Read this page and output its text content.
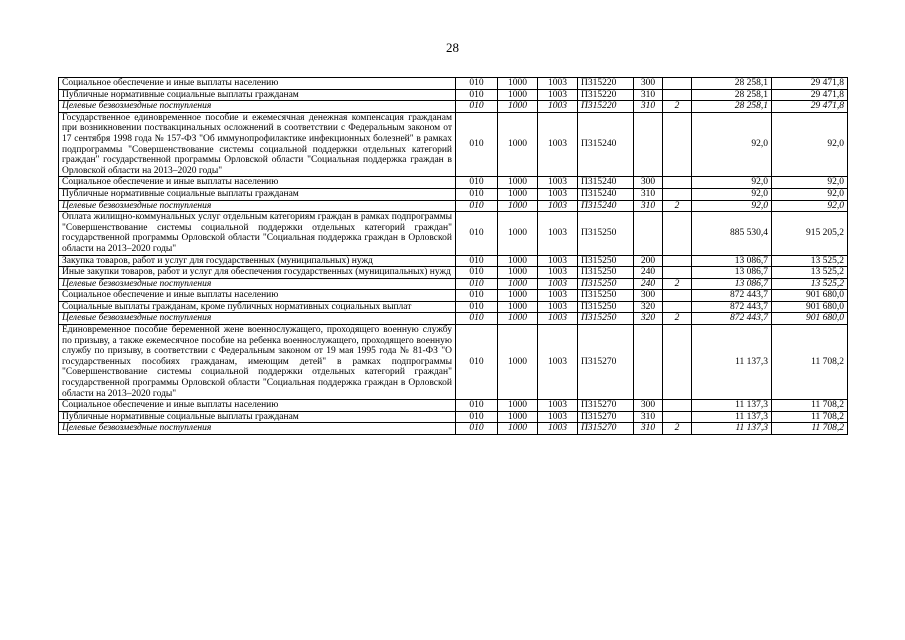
28
Социальное обеспечение и иные выплаты населению	010	1000	1003	П315220	300		28 258,1	29 471,8
Публичные нормативные социальные выплаты гражданам	010	1000	1003	П315220	310		28 258,1	29 471,8
Целевые безвозмездные поступления	010	1000	1003	П315220	310	2	28 258,1	29 471,8
Государственное единовременное пособие и ежемесячная денежная компенсация гражданам при возникновении поствакцинальных осложнений в соответствии с Федеральным законом от 17 сентября 1998 года № 157-ФЗ "Об иммунопрофилактике инфекционных болезней" в рамках подпрограммы "Совершенствование системы социальной поддержки отдельных категорий граждан" государственной программы Орловской области "Социальная поддержка граждан в Орловской области на 2013–2020 годы"	010	1000	1003	П315240			92,0	92,0
Социальное обеспечение и иные выплаты населению	010	1000	1003	П315240	300		92,0	92,0
Публичные нормативные социальные выплаты гражданам	010	1000	1003	П315240	310		92,0	92,0
Целевые безвозмездные поступления	010	1000	1003	П315240	310	2	92,0	92,0
Оплата жилищно-коммунальных услуг отдельным категориям граждан в рамках подпрограммы "Совершенствование системы социальной поддержки отдельных категорий граждан" государственной программы Орловской области "Социальная поддержка граждан в Орловской области на 2013–2020 годы"	010	1000	1003	П315250			885 530,4	915 205,2
Закупка товаров, работ и услуг для государственных (муниципальных) нужд	010	1000	1003	П315250	200		13 086,7	13 525,2
Иные закупки товаров, работ и услуг для обеспечения государственных (муниципальных) нужд	010	1000	1003	П315250	240		13 086,7	13 525,2
Целевые безвозмездные поступления	010	1000	1003	П315250	240	2	13 086,7	13 525,2
Социальное обеспечение и иные выплаты населению	010	1000	1003	П315250	300		872 443,7	901 680,0
Социальные выплаты гражданам, кроме публичных нормативных социальных выплат	010	1000	1003	П315250	320		872 443,7	901 680,0
Целевые безвозмездные поступления	010	1000	1003	П315250	320	2	872 443,7	901 680,0
Единовременное пособие беременной жене военнослужащего, проходящего военную службу по призыву, а также ежемесячное пособие на ребенка военнослужащего, проходящего военную службу по призыву, в соответствии с Федеральным законом от 19 мая 1995 года № 81-ФЗ "О государственных пособиях гражданам, имеющим детей" в рамках подпрограммы "Совершенствование системы социальной поддержки отдельных категорий граждан" государственной программы Орловской области "Социальная поддержка граждан в Орловской области на 2013–2020 годы"	010	1000	1003	П315270			11 137,3	11 708,2
Социальное обеспечение и иные выплаты населению	010	1000	1003	П315270	300		11 137,3	11 708,2
Публичные нормативные социальные выплаты гражданам	010	1000	1003	П315270	310		11 137,3	11 708,2
Целевые безвозмездные поступления	010	1000	1003	П315270	310	2	11 137,3	11 708,2
